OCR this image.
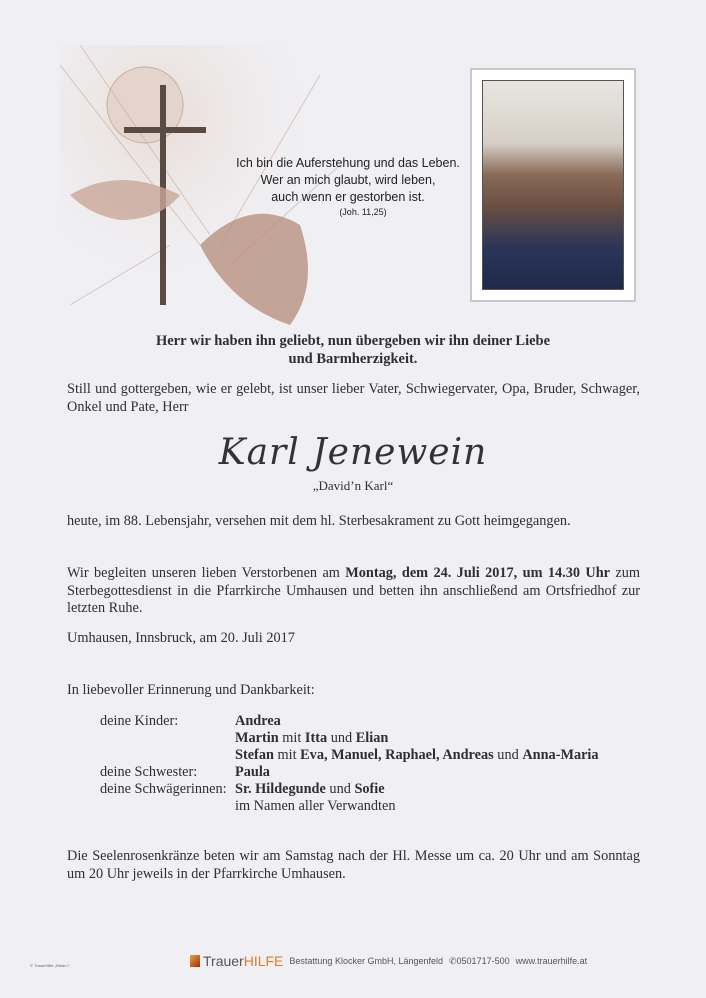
Ich bin die Auferstehung und das Leben.
Wer an mich glaubt, wird leben,
auch wenn er gestorben ist.
(Joh. 11,25)
Herr wir haben ihn geliebt, nun übergeben wir ihn deiner Liebe
und Barmherzigkeit.
Still und gottergeben, wie er gelebt, ist unser lieber Vater, Schwiegervater, Opa, Bruder, Schwager, Onkel und Pate, Herr
Karl Jenewein
„David’n Karl“
heute, im 88. Lebensjahr, versehen mit dem hl. Sterbesakrament zu Gott heimgegangen.
Wir begleiten unseren lieben Verstorbenen am Montag, dem 24. Juli 2017, um 14.30 Uhr zum Sterbegottesdienst in die Pfarrkirche Umhausen und betten ihn anschließend am Ortsfriedhof zur letzten Ruhe.
Umhausen, Innsbruck, am 20. Juli 2017
In liebevoller Erinnerung und Dankbarkeit:
deine Kinder:	Andrea
Martin mit Itta und Elian
Stefan mit Eva, Manuel, Raphael, Andreas und Anna-Maria
deine Schwester:	Paula
deine Schwägerinnen: Sr. Hildegunde und Sofie
im Namen aller Verwandten
Die Seelenrosenkränze beten wir am Samstag nach der Hl. Messe um ca. 20 Uhr und am Sonntag um 20 Uhr jeweils in der Pfarrkirche Umhausen.
© TrauerHilfe „Bilder I“	Trauer HILFE Bestattung Klocker GmbH, Längenfeld ✆0501717-500 www.trauerhilfe.at
